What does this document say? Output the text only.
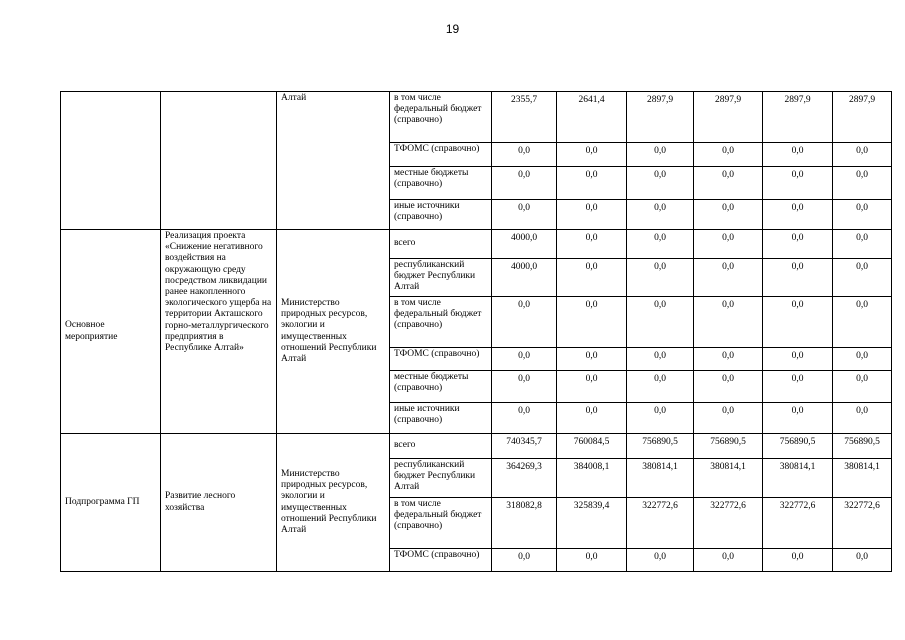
19
		Алтай	в том числе федеральный бюджет (справочно)	2355,7	2641,4	2897,9	2897,9	2897,9	2897,9
			ТФОМС (справочно)	0,0	0,0	0,0	0,0	0,0	0,0
			местные бюджеты (справочно)	0,0	0,0	0,0	0,0	0,0	0,0
			иные источники (справочно)	0,0	0,0	0,0	0,0	0,0	0,0
Основное мероприятие	Реализация проекта «Снижение негативного воздействия на окружающую среду посредством ликвидации ранее накопленного экологического ущерба на территории Акташского горно-металлургического предприятия в Республике Алтай»	Министерство природных ресурсов, экологии и имущественных отношений Республики Алтай	всего	4000,0	0,0	0,0	0,0	0,0	0,0
			республиканский бюджет Республики Алтай	4000,0	0,0	0,0	0,0	0,0	0,0
			в том числе федеральный бюджет (справочно)	0,0	0,0	0,0	0,0	0,0	0,0
			ТФОМС (справочно)	0,0	0,0	0,0	0,0	0,0	0,0
			местные бюджеты (справочно)	0,0	0,0	0,0	0,0	0,0	0,0
			иные источники (справочно)	0,0	0,0	0,0	0,0	0,0	0,0
Подпрограмма ГП	Развитие лесного хозяйства	Министерство природных ресурсов, экологии и имущественных отношений Республики Алтай	всего	740345,7	760084,5	756890,5	756890,5	756890,5	756890,5
			республиканский бюджет Республики Алтай	364269,3	384008,1	380814,1	380814,1	380814,1	380814,1
			в том числе федеральный бюджет (справочно)	318082,8	325839,4	322772,6	322772,6	322772,6	322772,6
			ТФОМС (справочно)	0,0	0,0	0,0	0,0	0,0	0,0
